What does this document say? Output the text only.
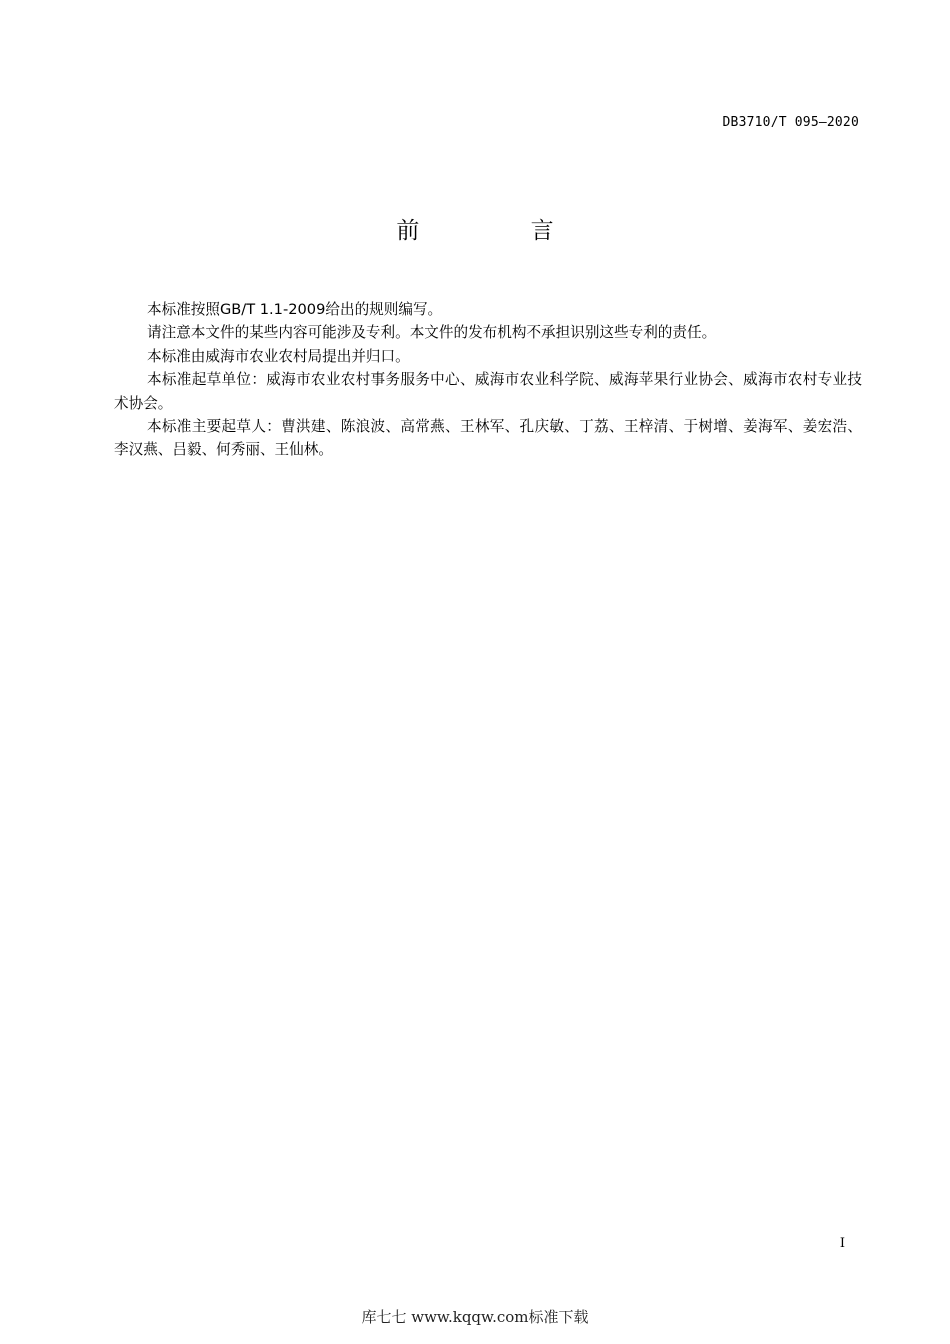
DB3710/T 095—2020
前 言

本标准按照GB/T 1.1-2009给出的规则编写。

请注意本文件的某些内容可能涉及专利。本文件的发布机构不承担识别这些专利的责任。

本标准由威海市农业农村局提出并归口。

本标准起草单位：威海市农业农村事务服务中心、威海市农业科学院、威海苹果行业协会、威海市农村专业技术协会。

本标准主要起草人：曹洪建、陈浪波、高常燕、王林军、孔庆敏、丁荔、王梓清、于树增、姜海军、姜宏浩、李汉燕、吕毅、何秀丽、王仙林。

I
库七七 www.kqqw.com标准下载
